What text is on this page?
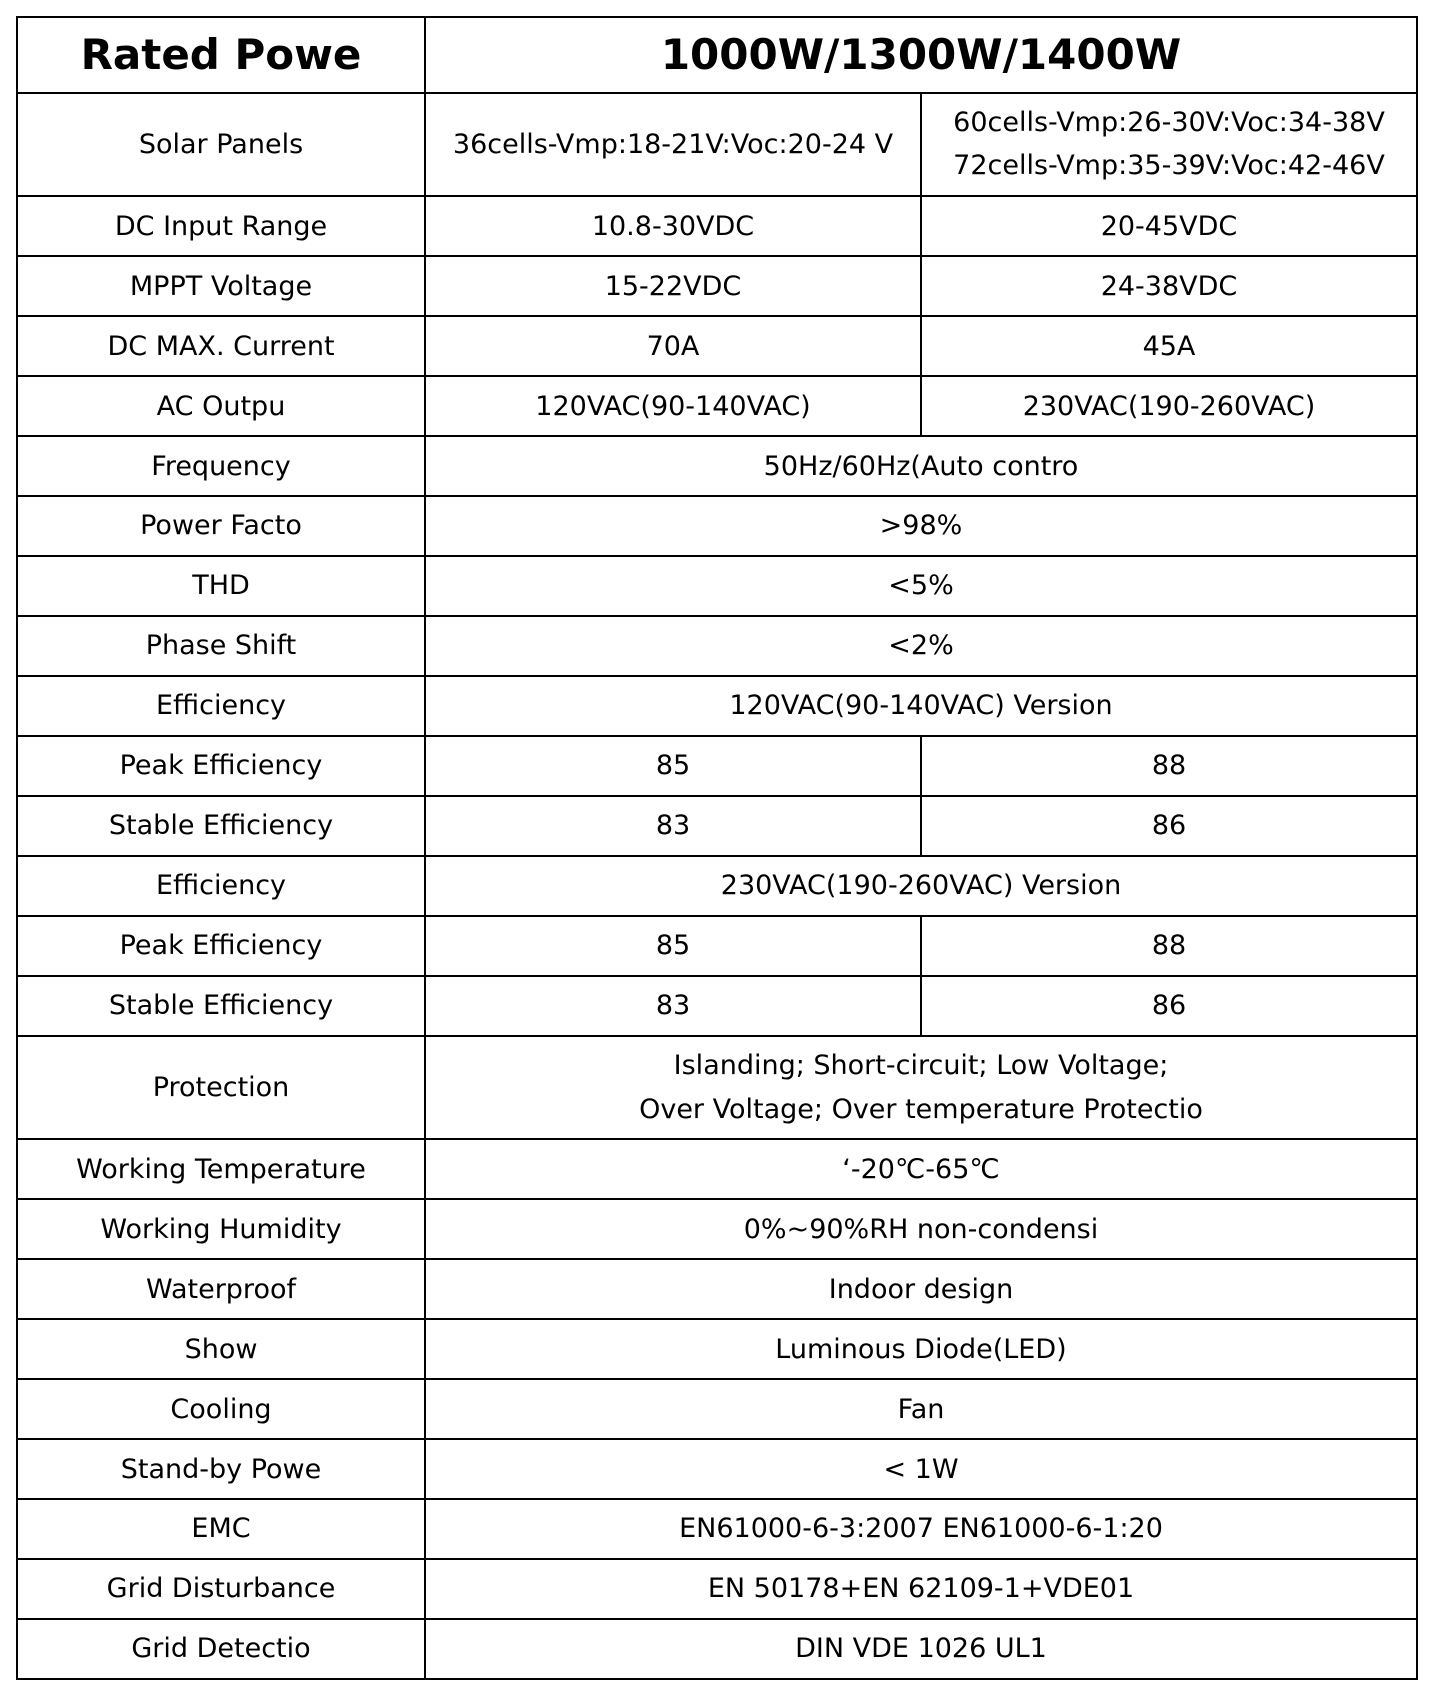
Rated Powe	1000W/1300W/1400W	
Solar Panels	36cells-Vmp:18-21V:Voc:20-24 V	60cells-Vmp:26-30V:Voc:34-38V
72cells-Vmp:35-39V:Voc:42-46V

DC Input Range	10.8-30VDC	20-45VDC
MPPT Voltage	15-22VDC	24-38VDC
DC MAX. Current	70A	45A
AC Outpu	120VAC(90-140VAC)	230VAC(190-260VAC)
Frequency	50Hz/60Hz(Auto contro	
Power Facto	>98%	
THD	<5%	
Phase Shift	<2%	
Efficiency	120VAC(90-140VAC) Version	
Peak Efficiency	85	88
Stable Efficiency	83	86
Efficiency	230VAC(190-260VAC) Version	
Peak Efficiency	85	88
Stable Efficiency	83	86
Protection	Islanding; Short-circuit; Low Voltage;
Over Voltage; Over temperature Protectio	

Working Temperature	‘-20℃-65℃	
Working Humidity	0%~90%RH non-condensi	
Waterproof	Indoor design	
Show	Luminous Diode(LED)	
Cooling	Fan	
Stand-by Powe	< 1W	
EMC	EN61000-6-3:2007 EN61000-6-1:20	
Grid Disturbance	EN 50178+EN 62109-1+VDE01	
Grid Detectio	DIN VDE 1026 UL1	
